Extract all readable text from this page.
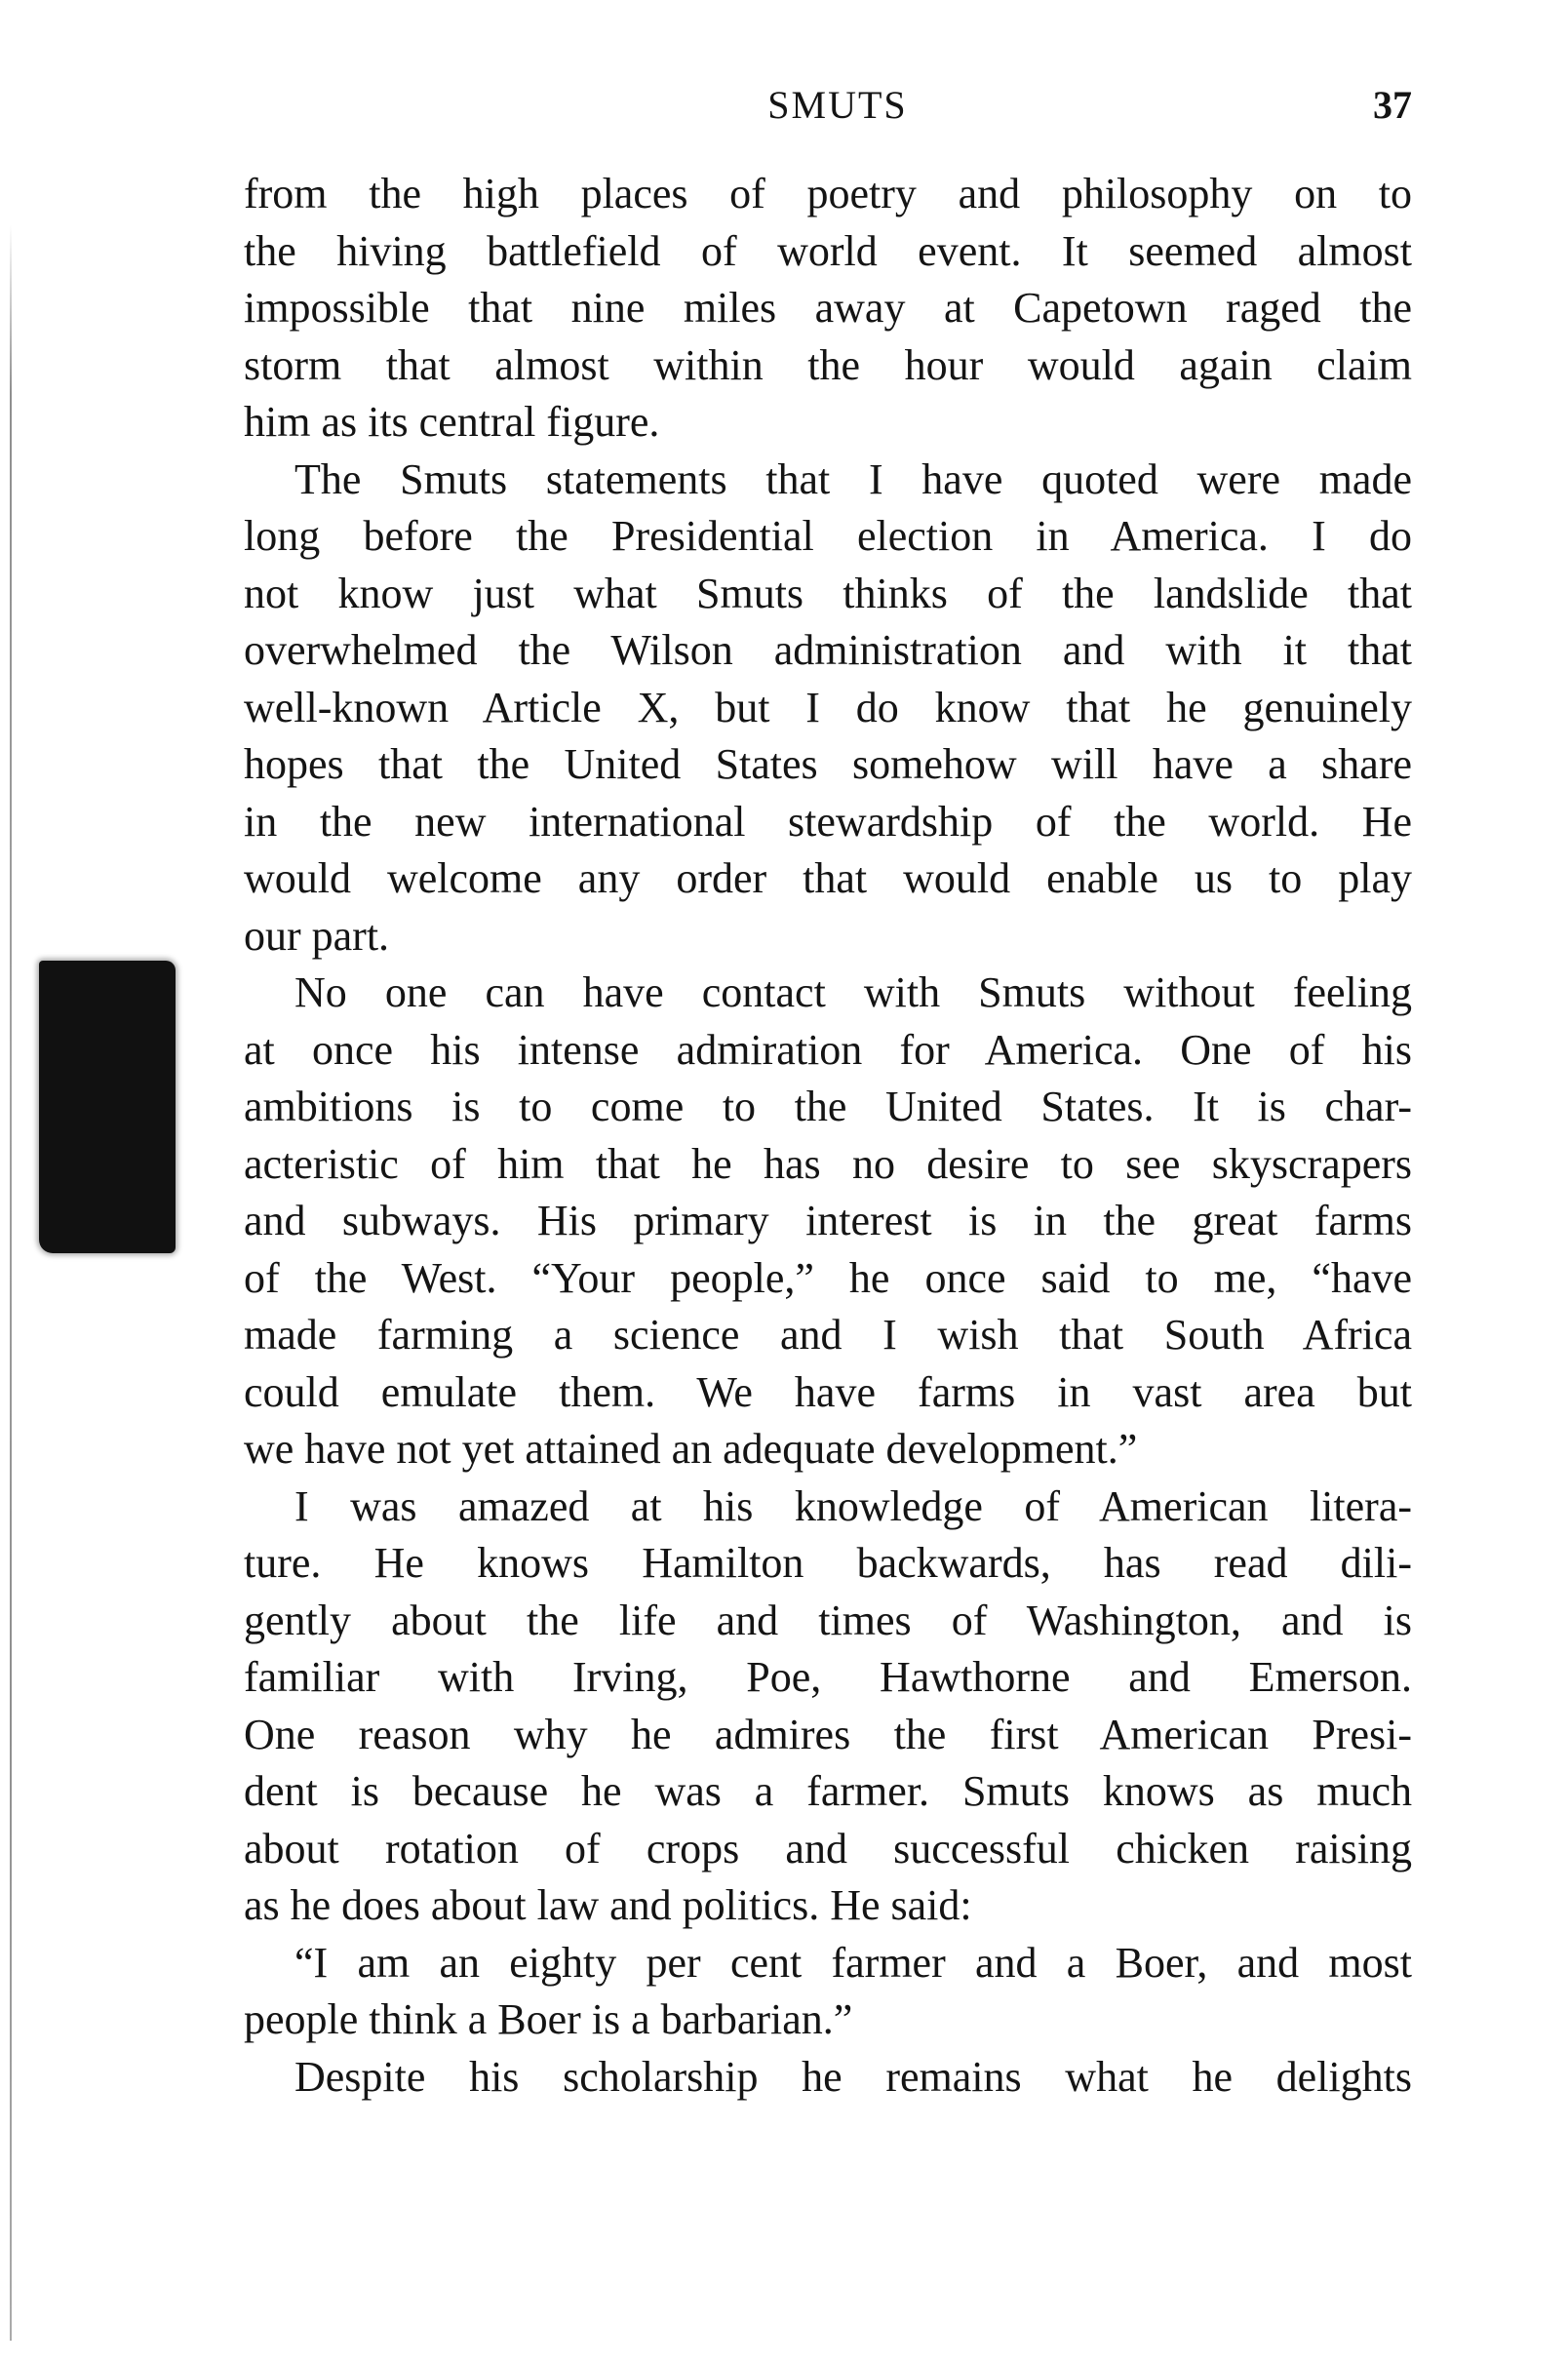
SMUTS	37

from the high places of poetry and philosophy on to
the hiving battlefield of world event. It seemed almost
impossible that nine miles away at Capetown raged the
storm that almost within the hour would again claim
him as its central figure.

The Smuts statements that I have quoted were made
long before the Presidential election in America. I do
not know just what Smuts thinks of the landslide that
overwhelmed the Wilson administration and with it that
well-known Article X, but I do know that he genuinely
hopes that the United States somehow will have a share
in the new international stewardship of the world. He
would welcome any order that would enable us to play
our part.

No one can have contact with Smuts without feeling
at once his intense admiration for America. One of his
ambitions is to come to the United States. It is char-
acteristic of him that he has no desire to see skyscrapers
and subways. His primary interest is in the great farms
of the West. “Your people,” he once said to me, “have
made farming a science and I wish that South Africa
could emulate them. We have farms in vast area but
we have not yet attained an adequate development.”

I was amazed at his knowledge of American litera-
ture. He knows Hamilton backwards, has read dili-
gently about the life and times of Washington, and is
familiar with Irving, Poe, Hawthorne and Emerson.
One reason why he admires the first American Presi-
dent is because he was a farmer. Smuts knows as much
about rotation of crops and successful chicken raising
as he does about law and politics. He said:

“I am an eighty per cent farmer and a Boer, and most
people think a Boer is a barbarian.”

Despite his scholarship he remains what he delights
